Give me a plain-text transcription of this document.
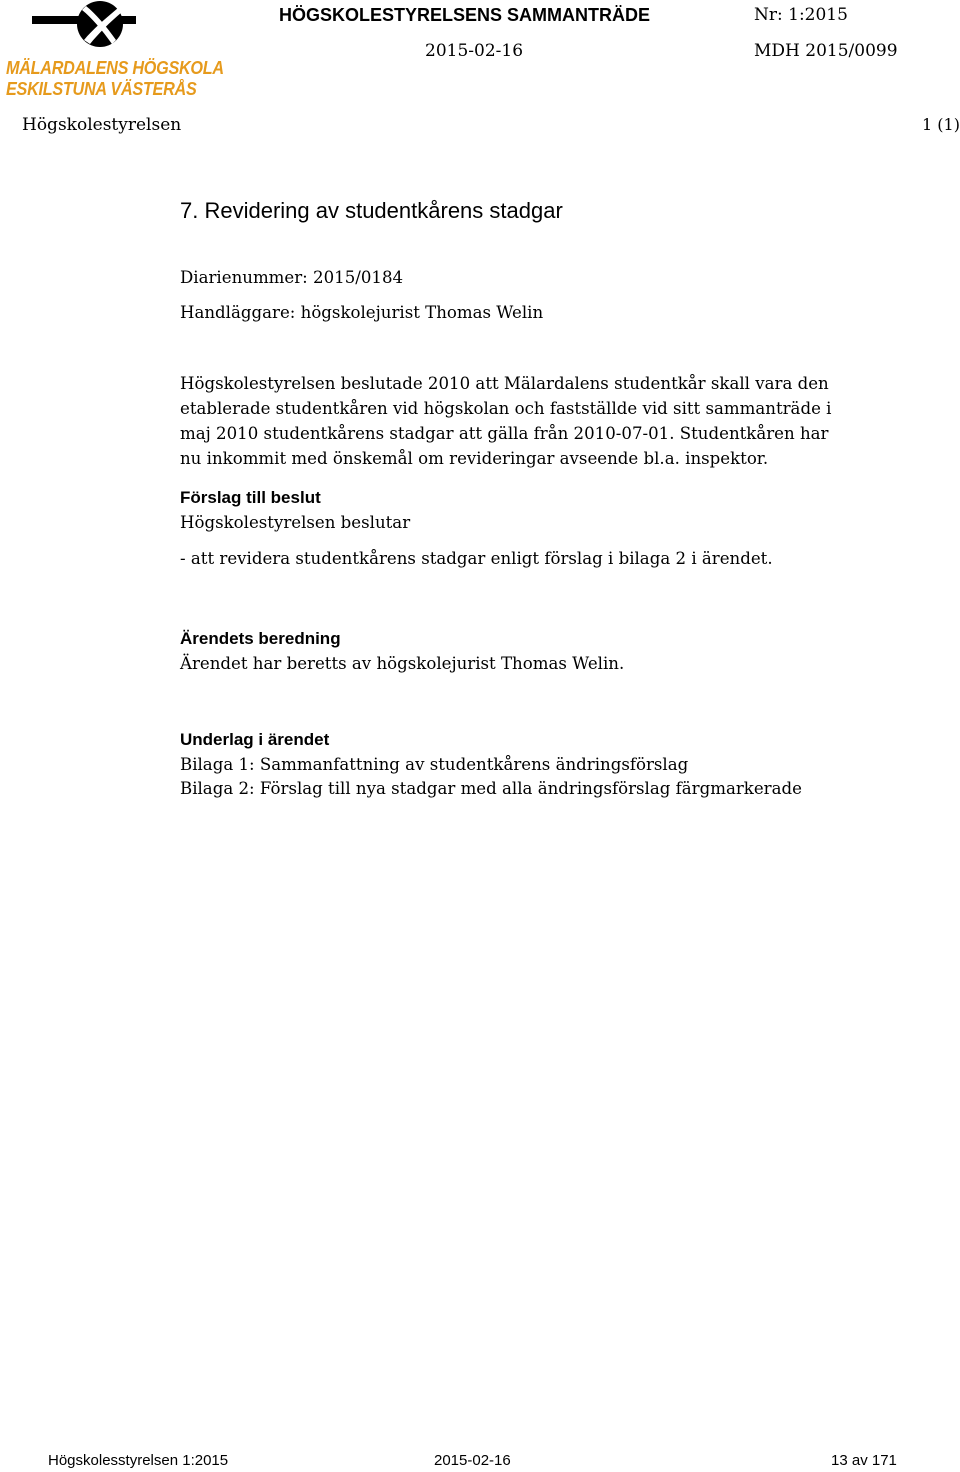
MÄLARDALENS HÖGSKOLA
ESKILSTUNA VÄSTERÅS
HÖGSKOLESTYRELSENS SAMMANTRÄDE	Nr: 1:2015
2015-02-16	MDH 2015/0099
Högskolestyrelsen	1 (1)
7. Revidering av studentkårens stadgar
Diarienummer: 2015/0184
Handläggare: högskolejurist Thomas Welin
Högskolestyrelsen beslutade 2010 att Mälardalens studentkår skall vara den
etablerade studentkåren vid högskolan och fastställde vid sitt sammanträde i
maj 2010 studentkårens stadgar att gälla från 2010-07-01. Studentkåren har
nu inkommit med önskemål om revideringar avseende bl.a. inspektor.
Förslag till beslut
Högskolestyrelsen beslutar
- att revidera studentkårens stadgar enligt förslag i bilaga 2 i ärendet.
Ärendets beredning
Ärendet har beretts av högskolejurist Thomas Welin.
Underlag i ärendet
Bilaga 1: Sammanfattning av studentkårens ändringsförslag
Bilaga 2: Förslag till nya stadgar med alla ändringsförslag färgmarkerade
Högskolesstyrelsen 1:2015	2015-02-16	13 av 171
